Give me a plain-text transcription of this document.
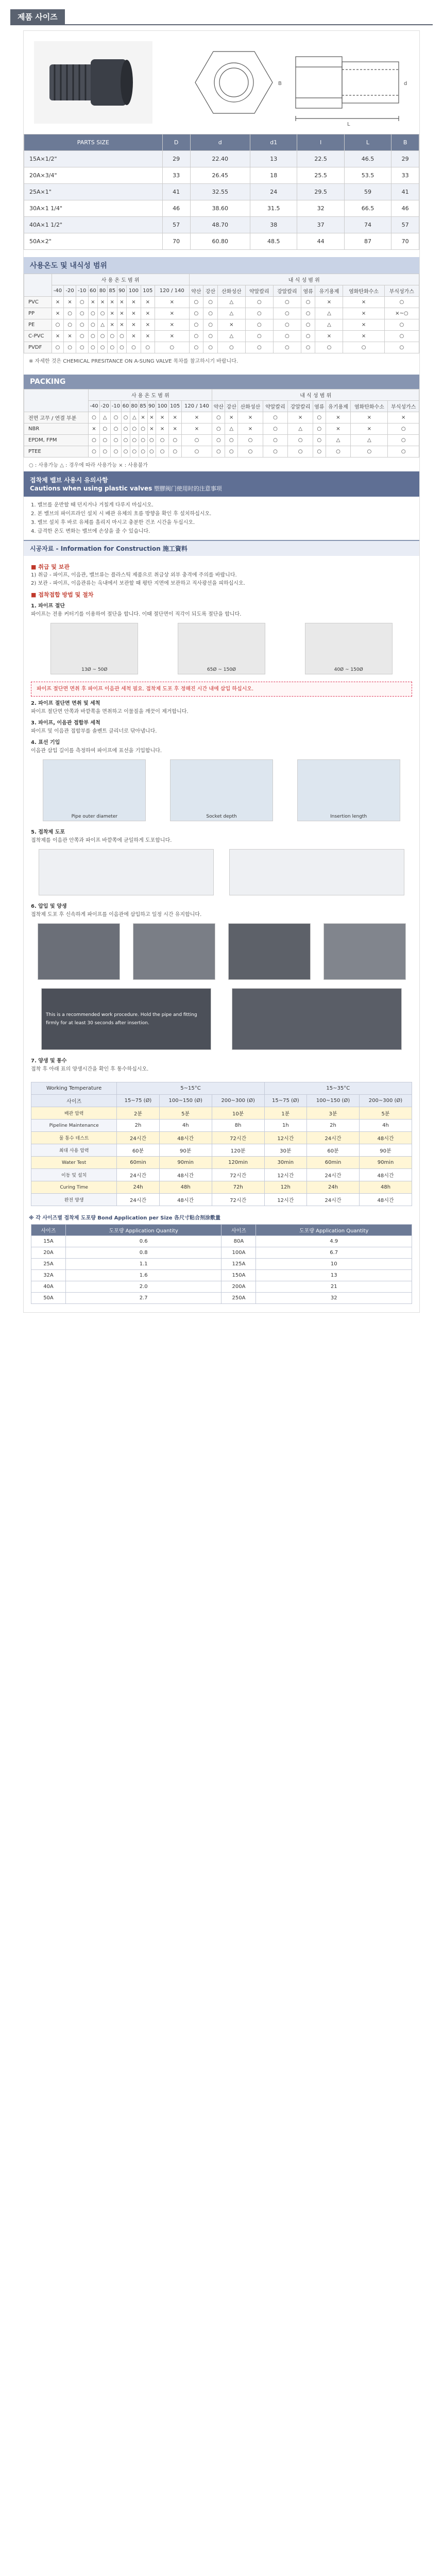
제품 사이즈
L
d
B
PARTS SIZE	D	d	d1	l	L	B
15A×1/2"	29	22.40	13	22.5	46.5	29
20A×3/4"	33	26.45	18	25.5	53.5	33
25A×1"	41	32.55	24	29.5	59	41
30A×1 1/4"	46	38.60	31.5	32	66.5	46
40A×1 1/2"	57	48.70	38	37	74	57
50A×2"	70	60.80	48.5	44	87	70
사용온도 및 내식성 범위
	사 용 온 도 범 위										내 식 성 범 위								
	-40	-20	-10	60	80	85	90	100	105	120 / 140	약산	강산	산화성산	약알칼리	강알칼리	염류	유기용제	염화탄화수소	부식성가스
PVC	×	×	○	×	×	×	×	×	×	×	○	○	△	○	○	○	×	×	○
PP	×	○	○	○	○	×	×	×	×	×	○	○	△	○	○	○	△	×	×~○
PE	○	○	○	○	△	×	×	×	×	×	○	○	×	○	○	○	△	×	○
C-PVC	×	×	○	○	○	○	○	×	×	×	○	○	△	○	○	○	×	×	○
PVDF	○	○	○	○	○	○	○	○	○	○	○	○	○	○	○	○	○	○	○
※ 자세한 것은 CHEMICAL PRESITANCE ON A-SUNG VALVE 목차를 참고하시기 바랍니다.
PACKING
	사 용 온 도 범 위										내 식 성 범 위								
	-40	-20	-10	60	80	85	90	100	105	120 / 140	약산	강산	산화성산	약알칼리	강알칼리	염류	유기용제	염화탄화수소	부식성가스
전면 고무 / 연결 부분	○	△	○	○	△	×	×	×	×	×	○	×	×	○	×	○	×	×	×
NBR	×	○	○	○	○	○	×	×	×	×	○	△	×	○	△	○	×	×	○
EPDM, FPM	○	○	○	○	○	○	○	○	○	○	○	○	○	○	○	○	△	△	○
PTEE	○	○	○	○	○	○	○	○	○	○	○	○	○	○	○	○	○	○	○
○ : 사용가능 △ : 경우에 따라 사용가능 × : 사용불가
접착제 밸브 사용시 유의사항
Cautions when using plastic valves 塑膠阀门使用时的注意事项
1. 밸브를 운반할 때 던지거나 거칠게 다루지 마십시오.
2. 본 밸브의 파이프라인 설치 시 배관 유체의 흐름 방향을 확인 후 설치하십시오.
3. 밸브 설치 후 바로 유체를 흘리지 마시고 충분한 건조 시간을 두십시오.
4. 급격한 온도 변화는 밸브에 손상을 줄 수 있습니다.
시공자료 - Information for Construction 施工資料
■ 취급 및 보관
1) 취급 - 파이프, 이음관, 밸브류는 플라스틱 제품으로 취급상 외부 충격에 주의를 바랍니다.
2) 보관 - 파이프, 이음관류는 옥내에서 보관할 때 평탄 지면에 보관하고 직사광선을 피하십시오.
■ 접착접합 방법 및 절차
1. 파이프 절단
파이프는 전용 커터기를 이용하여 절단을 합니다. 이때 절단면이 직각이 되도록 절단을 합니다.
13Ø ~ 50Ø	65Ø ~ 150Ø	40Ø ~ 150Ø
파이프 절단면 면취 후 파이프 이음관 세척 필요. 접착제 도포 후 정해진 시간 내에 삽입 하십시오.
2. 파이프 절단면 면취 및 세척
파이프 절단면 안쪽과 바깥쪽을 면취하고 이물질을 깨끗이 제거합니다.
3. 파이프, 이음관 접합부 세척
파이프 및 이음관 접합부를 솔벤트 클리너로 닦아냅니다.
4. 표선 기입
이음관 삽입 길이를 측정하여 파이프에 표선을 기입합니다.
Pipe outer diameter	Socket depth	Insertion length
5. 접착제 도포
접착제를 이음관 안쪽과 파이프 바깥쪽에 균일하게 도포합니다.
6. 압입 및 양생
접착제 도포 후 신속하게 파이프를 이음관에 삽입하고 일정 시간 유지합니다.
This is a recommended work procedure. Hold the pipe and fitting firmly for at least 30 seconds after insertion.
7. 양생 및 통수
접착 후 아래 표의 양생시간을 확인 후 통수하십시오.
Working Temperature	5~15°C			15~35°C		
사이즈	15~75 (Ø)	100~150 (Ø)	200~300 (Ø)	15~75 (Ø)	100~150 (Ø)	200~300 (Ø)
배관 압력	2분	5분	10분	1분	3분	5분
Pipeline Maintenance	2h	4h	8h	1h	2h	4h
물 통수 테스트	24시간	48시간	72시간	12시간	24시간	48시간
최대 사용 압력	60분	90분	120분	30분	60분	90분
Water Test	60min	90min	120min	30min	60min	90min
이동 및 설치	24시간	48시간	72시간	12시간	24시간	48시간
Curing Time	24h	48h	72h	12h	24h	48h
완전 양생	24시간	48시간	72시간	12시간	24시간	48시간
※ 각 사이즈별 접착제 도포량 Bond Application per Size 各尺寸粘合剂涂敷量
사이즈	도포량 Application Quantity	사이즈	도포량 Application Quantity
15A	0.6	80A	4.9
20A	0.8	100A	6.7
25A	1.1	125A	10
32A	1.6	150A	13
40A	2.0	200A	21
50A	2.7	250A	32
